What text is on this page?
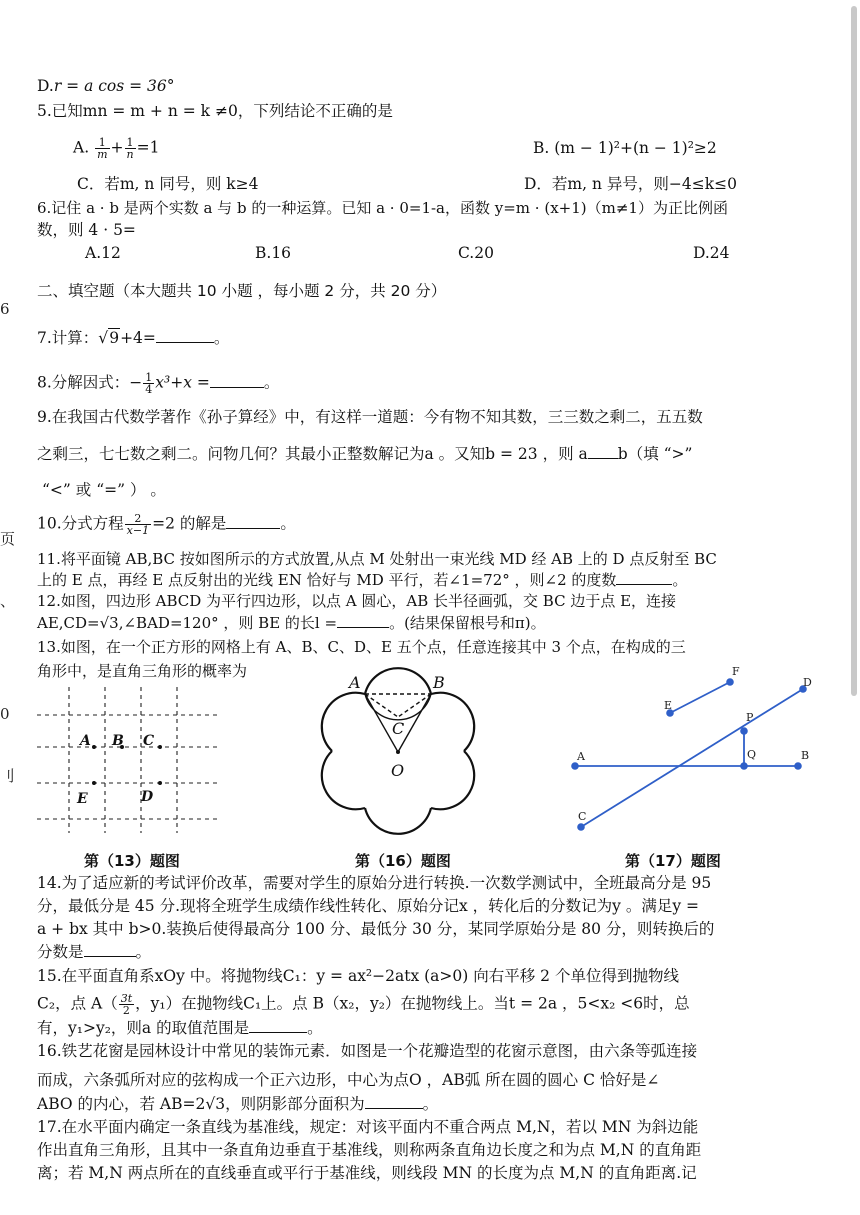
6
页
、
0
刂
D.r = a cos = 36°
5.已知mn = m + n = k ≠0，下列结论不正确的是
A. $\frac{1}{m} + \frac{1}{n} =1$	B. (m − 1)²+(n − 1)²≥2
C．若m, n 同号，则 k≥4	D．若m, n 异号，则−4≤k≤0
6.记住 a · b 是两个实数 a 与 b 的一种运算。已知 a · 0=1-a，函数 y=m · (x+1)（m≠1）为正比例函
数，则 4 · 5=
A.12	B.16	C.20	D.24
二、填空题（本大题共 10 小题 ，每小题 2 分，共 20 分）
7.计算：√9+4=	。
8.分解因式：− $\frac{1}{4} x^3+x$ =	。
9.在我国古代数学著作《孙子算经》中，有这样一道题：今有物不知其数，三三数之剩二，五五数
之剩三，七七数之剩二。问物几何？其最小正整数解记为a 。又知b = 23 ，则 a b（填 “>”
“<” 或 “=” ） 。
10.分式方程 $\frac{2}{x-1} =2$ 的解是	。
11.将平面镜 AB,BC 按如图所示的方式放置,从点 M 处射出一束光线 MD 经 AB 上的 D 点反射至 BC
上的 E 点，再经 E 点反射出的光线 EN 恰好与 MD 平行，若∠1=72° ，则∠2 的度数	。
12.如图，四边形 ABCD 为平行四边形，以点 A 圆心，AB 长半径画弧，交 BC 边于点 E，连接
AE,CD=√3,∠BAD=120° ，则 BE 的长l =	。(结果保留根号和π)。
13.如图，在一个正方形的网格上有 A、B、C、D、E 五个点，任意连接其中 3 个点，在构成的三
角形中，是直角三角形的概率为
A B C
E	D
A	B
C
O
F
E
D
P
A	Q	B
C
第（13）题图	第（16）题图	第（17）题图
14.为了适应新的考试评价改革，需要对学生的原始分进行转换.一次数学测试中，全班最高分是 95
分，最低分是 45 分.现将全班学生成绩作线性转化、原始分记x ，转化后的分数记为y 。满足y =
a + bx 其中 b>0.装换后使得最高分 100 分、最低分 30 分，某同学原始分是 80 分，则转换后的
分数是	。
15.在平面直角系xOy 中。将抛物线C₁：y = ax²−2atx (a>0) 向右平移 2 个单位得到抛物线
C₂，点 $A( \frac{3t}{2}$ ，y₁）在抛物线C₁上。点 B（x₂，y₂）在抛物线上。当t = 2a ，5<x₂ <6时，总
有，y₁>y₂，则a 的取值范围是	。
16.铁艺花窗是园林设计中常见的装饰元素．如图是一个花瓣造型的花窗示意图，由六条等弧连接
而成，六条弧所对应的弦构成一个正六边形，中心为点O ，AB弧 所在圆的圆心 C 恰好是∠
ABO 的内心，若 AB=2√3，则阴影部分面积为	。
17.在水平面内确定一条直线为基准线，规定：对该平面内不重合两点 M,N，若以 MN 为斜边能
作出直角三角形，且其中一条直角边垂直于基准线，则称两条直角边长度之和为点 M,N 的直角距
离；若 M,N 两点所在的直线垂直或平行于基准线，则线段 MN 的长度为点 M,N 的直角距离.记
